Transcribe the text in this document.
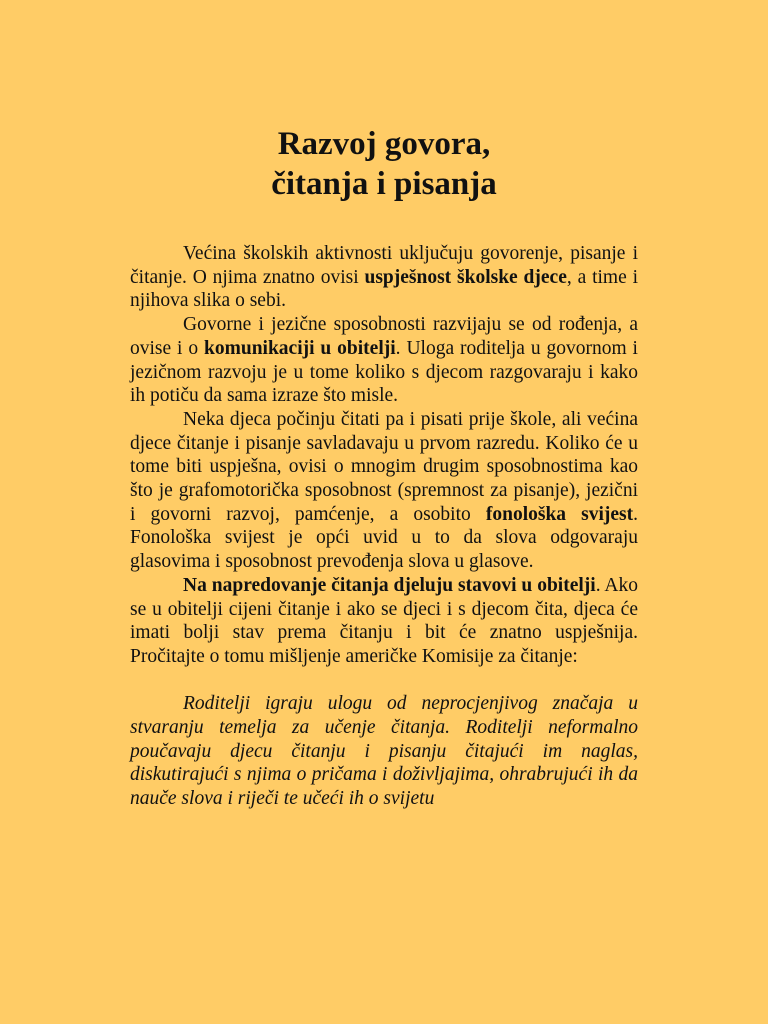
Razvoj govora,
čitanja i pisanja

Većina školskih aktivnosti uključuju govorenje, pisanje i čitanje. O njima znatno ovisi uspješnost školske djece, a time i njihova slika o sebi.

Govorne i jezične sposobnosti razvijaju se od rođenja, a ovise i o komunikaciji u obitelji. Uloga roditelja u govornom i jezičnom razvoju je u tome koliko s djecom razgovaraju i kako ih potiču da sama izraze što misle.

Neka djeca počinju čitati pa i pisati prije škole, ali većina djece čitanje i pisanje savladavaju u prvom razredu. Koliko će u tome biti uspješna, ovisi o mnogim drugim sposobnostima kao što je grafomotorička sposobnost (spremnost za pisanje), jezični i govorni razvoj, pamćenje, a osobito fonološka svijest. Fonološka svijest je opći uvid u to da slova odgovaraju glasovima i sposobnost prevođenja slova u glasove.

Na napredovanje čitanja djeluju stavovi u obitelji. Ako se u obitelji cijeni čitanje i ako se djeci i s djecom čita, djeca će imati bolji stav prema čitanju i bit će znatno uspješnija. Pročitajte o tomu mišljenje američke Komisije za čitanje:

Roditelji igraju ulogu od neprocjenjivog značaja u stvaranju temelja za učenje čitanja. Roditelji neformalno poučavaju djecu čitanju i pisanju čitajući im naglas, diskutirajući s njima o pričama i doživljajima, ohrabrujući ih da nauče slova i riječi te učeći ih o svijetu
